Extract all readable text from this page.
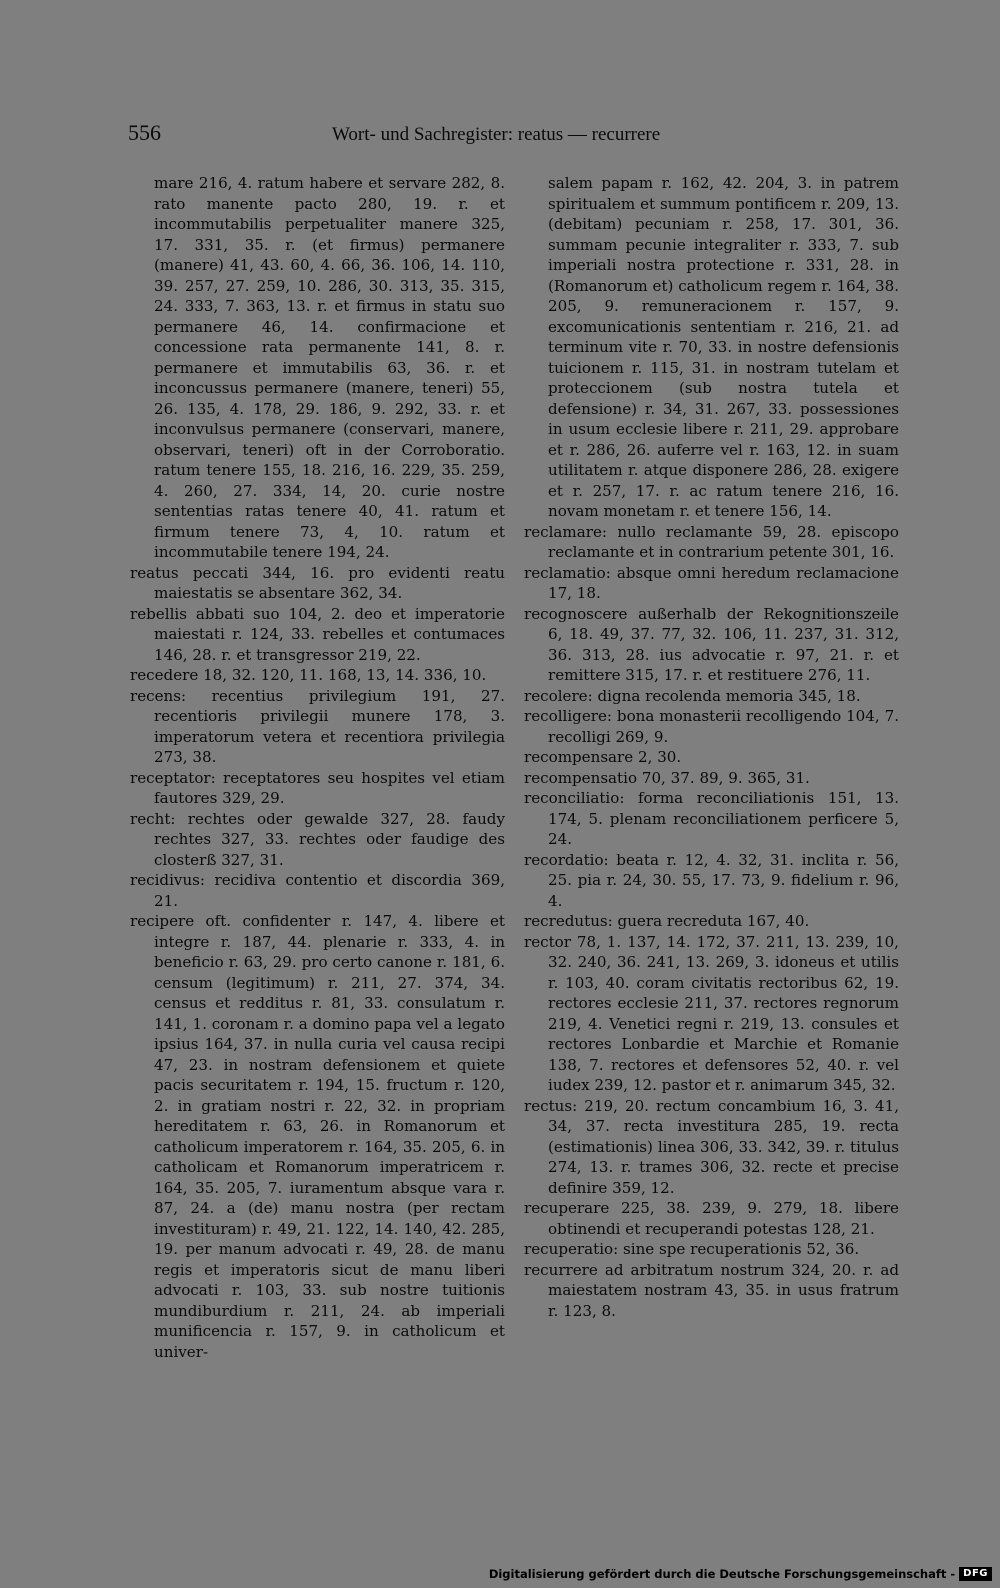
556	Wort- und Sachregister: reatus — recurrere

mare 216, 4. ratum habere et servare 282, 8. rato manente pacto 280, 19. r. et incommutabilis perpetualiter manere 325, 17. 331, 35. r. (et firmus) permanere (manere) 41, 43. 60, 4. 66, 36. 106, 14. 110, 39. 257, 27. 259, 10. 286, 30. 313, 35. 315, 24. 333, 7. 363, 13. r. et firmus in statu suo permanere 46, 14. confirmacione et concessione rata permanente 141, 8. r. permanere et immutabilis 63, 36. r. et inconcussus permanere (manere, teneri) 55, 26. 135, 4. 178, 29. 186, 9. 292, 33. r. et inconvulsus permanere (conservari, manere, observari, teneri) oft in der Corroboratio. ratum tenere 155, 18. 216, 16. 229, 35. 259, 4. 260, 27. 334, 14, 20. curie nostre sententias ratas tenere 40, 41. ratum et firmum tenere 73, 4, 10. ratum et incommutabile tenere 194, 24.

reatus peccati 344, 16. pro evidenti reatu maiestatis se absentare 362, 34.

rebellis abbati suo 104, 2. deo et imperatorie maiestati r. 124, 33. rebelles et contumaces 146, 28. r. et transgressor 219, 22.

recedere 18, 32. 120, 11. 168, 13, 14. 336, 10.

recens: recentius privilegium 191, 27. recentioris privilegii munere 178, 3. imperatorum vetera et recentiora privilegia 273, 38.

receptator: receptatores seu hospites vel etiam fautores 329, 29.

recht: rechtes oder gewalde 327, 28. faudy rechtes 327, 33. rechtes oder faudige des closterß 327, 31.

recidivus: recidiva contentio et discordia 369, 21.

recipere oft. confidenter r. 147, 4. libere et integre r. 187, 44. plenarie r. 333, 4. in beneficio r. 63, 29. pro certo canone r. 181, 6. censum (legitimum) r. 211, 27. 374, 34. census et redditus r. 81, 33. consulatum r. 141, 1. coronam r. a domino papa vel a legato ipsius 164, 37. in nulla curia vel causa recipi 47, 23. in nostram defensionem et quiete pacis securitatem r. 194, 15. fructum r. 120, 2. in gratiam nostri r. 22, 32. in propriam hereditatem r. 63, 26. in Romanorum et catholicum imperatorem r. 164, 35. 205, 6. in catholicam et Romanorum imperatricem r. 164, 35. 205, 7. iuramentum absque vara r. 87, 24. a (de) manu nostra (per rectam investituram) r. 49, 21. 122, 14. 140, 42. 285, 19. per manum advocati r. 49, 28. de manu regis et imperatoris sicut de manu liberi advocati r. 103, 33. sub nostre tuitionis mundiburdium r. 211, 24. ab imperiali munificencia r. 157, 9. in catholicum et univer-

salem papam r. 162, 42. 204, 3. in patrem spiritualem et summum pontificem r. 209, 13. (debitam) pecuniam r. 258, 17. 301, 36. summam pecunie integraliter r. 333, 7. sub imperiali nostra protectione r. 331, 28. in (Romanorum et) catholicum regem r. 164, 38. 205, 9. remuneracionem r. 157, 9. excomunicationis sententiam r. 216, 21. ad terminum vite r. 70, 33. in nostre defensionis tuicionem r. 115, 31. in nostram tutelam et proteccionem (sub nostra tutela et defensione) r. 34, 31. 267, 33. possessiones in usum ecclesie libere r. 211, 29. approbare et r. 286, 26. auferre vel r. 163, 12. in suam utilitatem r. atque disponere 286, 28. exigere et r. 257, 17. r. ac ratum tenere 216, 16. novam monetam r. et tenere 156, 14.

reclamare: nullo reclamante 59, 28. episcopo reclamante et in contrarium petente 301, 16.

reclamatio: absque omni heredum reclamacione 17, 18.

recognoscere außerhalb der Rekognitionszeile 6, 18. 49, 37. 77, 32. 106, 11. 237, 31. 312, 36. 313, 28. ius advocatie r. 97, 21. r. et remittere 315, 17. r. et restituere 276, 11.

recolere: digna recolenda memoria 345, 18.

recolligere: bona monasterii recolligendo 104, 7. recolligi 269, 9.

recompensare 2, 30.

recompensatio 70, 37. 89, 9. 365, 31.

reconciliatio: forma reconciliationis 151, 13. 174, 5. plenam reconciliationem perficere 5, 24.

recordatio: beata r. 12, 4. 32, 31. inclita r. 56, 25. pia r. 24, 30. 55, 17. 73, 9. fidelium r. 96, 4.

recredutus: guera recreduta 167, 40.

rector 78, 1. 137, 14. 172, 37. 211, 13. 239, 10, 32. 240, 36. 241, 13. 269, 3. idoneus et utilis r. 103, 40. coram civitatis rectoribus 62, 19. rectores ecclesie 211, 37. rectores regnorum 219, 4. Venetici regni r. 219, 13. consules et rectores Lonbardie et Marchie et Romanie 138, 7. rectores et defensores 52, 40. r. vel iudex 239, 12. pastor et r. animarum 345, 32.

rectus: 219, 20. rectum concambium 16, 3. 41, 34, 37. recta investitura 285, 19. recta (estimationis) linea 306, 33. 342, 39. r. titulus 274, 13. r. trames 306, 32. recte et precise definire 359, 12.

recuperare 225, 38. 239, 9. 279, 18. libere obtinendi et recuperandi potestas 128, 21.

recuperatio: sine spe recuperationis 52, 36.

recurrere ad arbitratum nostrum 324, 20. r. ad maiestatem nostram 43, 35. in usus fratrum r. 123, 8.

Digitalisierung gefördert durch die Deutsche Forschungsgemeinschaft - DFG
